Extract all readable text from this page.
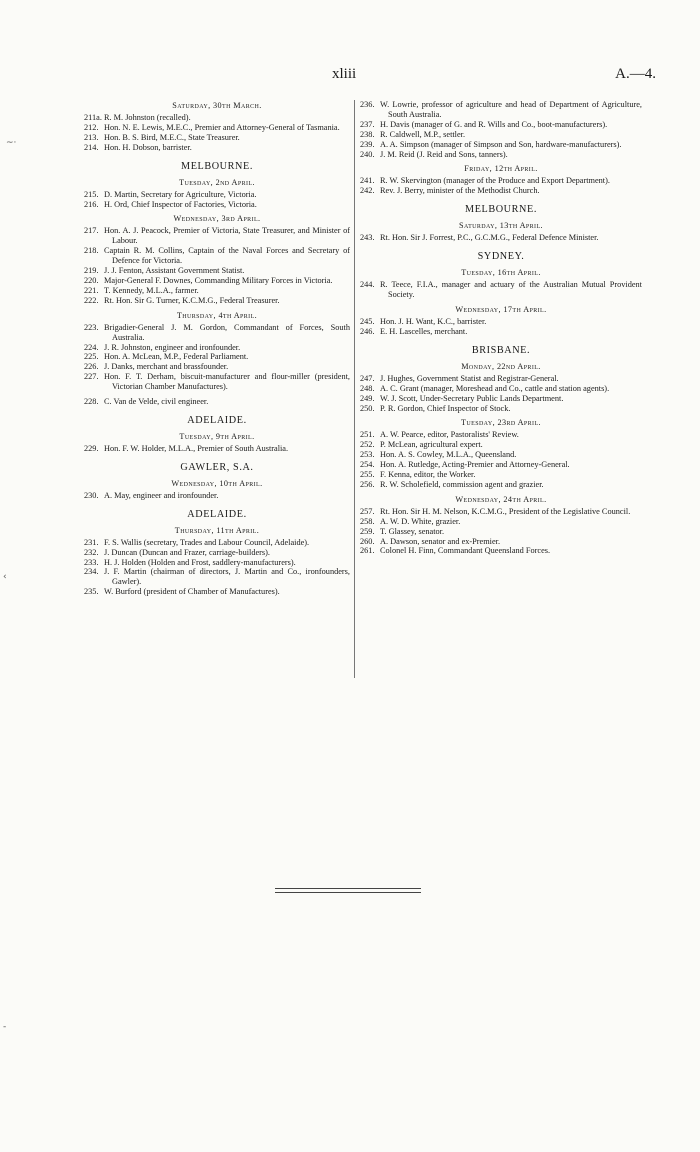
xliii	A.—4.
Saturday, 30th March.
211a. R. M. Johnston (recalled).
212. Hon. N. E. Lewis, M.E.C., Premier and Attorney-General of Tasmania.
213. Hon. B. S. Bird, M.E.C., State Treasurer.
214. Hon. H. Dobson, barrister.
MELBOURNE.
Tuesday, 2nd April.
215. D. Martin, Secretary for Agriculture, Victoria.
216. H. Ord, Chief Inspector of Factories, Victoria.
Wednesday, 3rd April.
217. Hon. A. J. Peacock, Premier of Victoria, State Treasurer, and Minister of Labour.
218. Captain R. M. Collins, Captain of the Naval Forces and Secretary of Defence for Victoria.
219. J. J. Fenton, Assistant Government Statist.
220. Major-General F. Downes, Commanding Military Forces in Victoria.
221. T. Kennedy, M.L.A., farmer.
222. Rt. Hon. Sir G. Turner, K.C.M.G., Federal Treasurer.
Thursday, 4th April.
223. Brigadier-General J. M. Gordon, Commandant of Forces, South Australia.
224. J. R. Johnston, engineer and ironfounder.
225. Hon. A. McLean, M.P., Federal Parliament.
226. J. Danks, merchant and brassfounder.
227. Hon. F. T. Derham, biscuit-manufacturer and flour-miller (president, Victorian Chamber Manufactures).
228. C. Van de Velde, civil engineer.
ADELAIDE.
Tuesday, 9th April.
229. Hon. F. W. Holder, M.L.A., Premier of South Australia.
GAWLER, S.A.
Wednesday, 10th April.
230. A. May, engineer and ironfounder.
ADELAIDE.
Thursday, 11th April.
231. F. S. Wallis (secretary, Trades and Labour Council, Adelaide).
232. J. Duncan (Duncan and Frazer, carriage-builders).
233. H. J. Holden (Holden and Frost, saddlery-manufacturers).
234. J. F. Martin (chairman of directors, J. Martin and Co., ironfounders, Gawler).
235. W. Burford (president of Chamber of Manufactures).
236. W. Lowrie, professor of agriculture and head of Department of Agriculture, South Australia.
237. H. Davis (manager of G. and R. Wills and Co., boot-manufacturers).
238. R. Caldwell, M.P., settler.
239. A. A. Simpson (manager of Simpson and Son, hardware-manufacturers).
240. J. M. Reid (J. Reid and Sons, tanners).
Friday, 12th April.
241. R. W. Skervington (manager of the Produce and Export Department).
242. Rev. J. Berry, minister of the Methodist Church.
MELBOURNE.
Saturday, 13th April.
243. Rt. Hon. Sir J. Forrest, P.C., G.C.M.G., Federal Defence Minister.
SYDNEY.
Tuesday, 16th April.
244. R. Teece, F.I.A., manager and actuary of the Australian Mutual Provident Society.
Wednesday, 17th April.
245. Hon. J. H. Want, K.C., barrister.
246. E. H. Lascelles, merchant.
BRISBANE.
Monday, 22nd April.
247. J. Hughes, Government Statist and Registrar-General.
248. A. C. Grant (manager, Moreshead and Co., cattle and station agents).
249. W. J. Scott, Under-Secretary Public Lands Department.
250. P. R. Gordon, Chief Inspector of Stock.
Tuesday, 23rd April.
251. A. W. Pearce, editor, Pastoralists' Review.
252. P. McLean, agricultural expert.
253. Hon. A. S. Cowley, M.L.A., Queensland.
254. Hon. A. Rutledge, Acting-Premier and Attorney-General.
255. F. Kenna, editor, the Worker.
256. R. W. Scholefield, commission agent and grazier.
Wednesday, 24th April.
257. Rt. Hon. Sir H. M. Nelson, K.C.M.G., President of the Legislative Council.
258. A. W. D. White, grazier.
259. T. Glassey, senator.
260. A. Dawson, senator and ex-Premier.
261. Colonel H. Finn, Commandant Queensland Forces.
~·
‹
-
